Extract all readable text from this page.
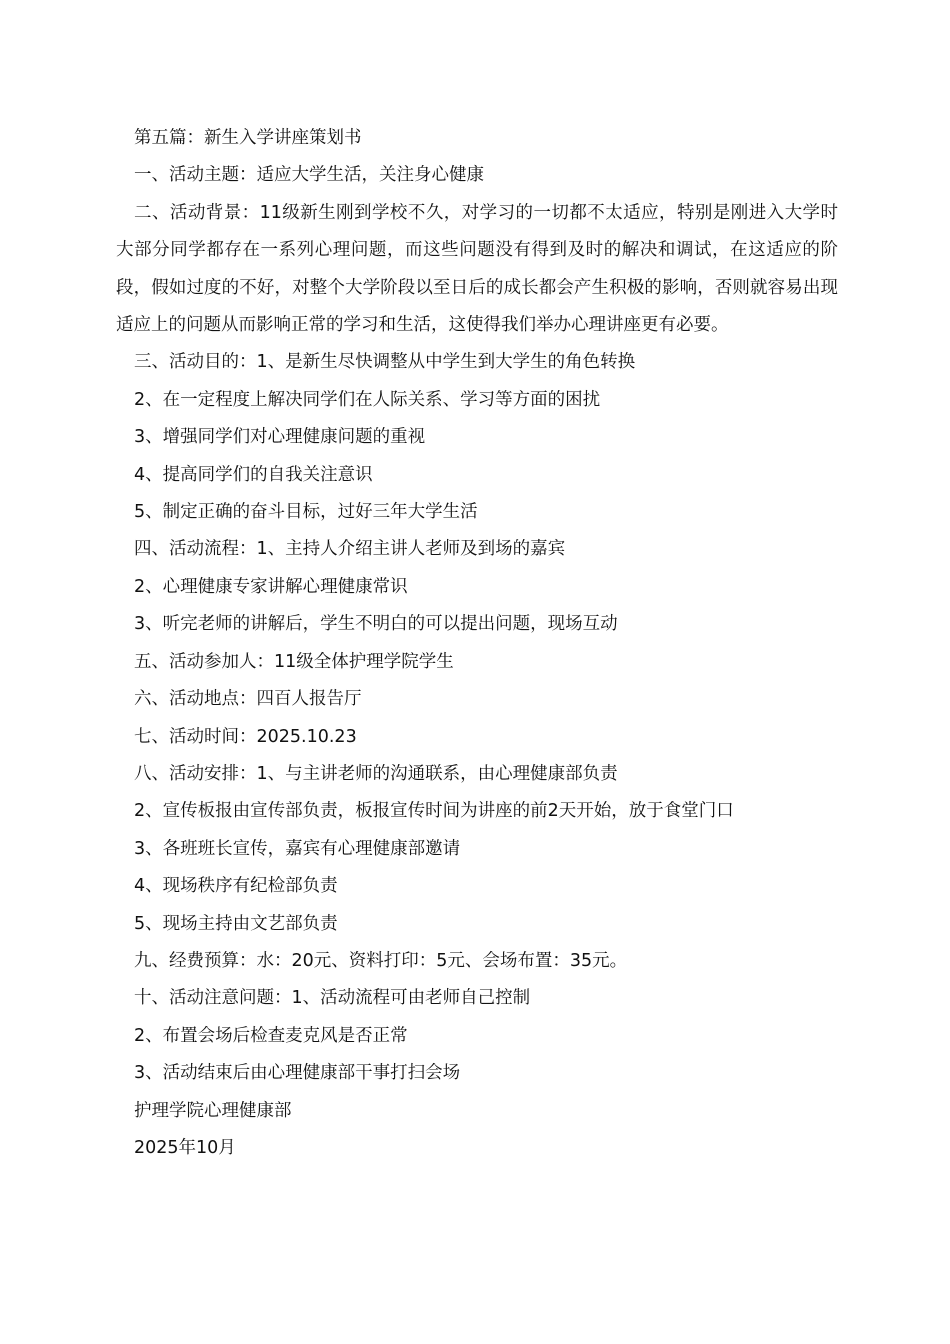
第五篇：新生入学讲座策划书
一、活动主题：适应大学生活，关注身心健康
二、活动背景：11级新生刚到学校不久，对学习的一切都不太适应，特别是刚进入大学时大部分同学都存在一系列心理问题，而这些问题没有得到及时的解决和调试，在这适应的阶段，假如过度的不好，对整个大学阶段以至日后的成长都会产生积极的影响，否则就容易出现适应上的问题从而影响正常的学习和生活，这使得我们举办心理讲座更有必要。
三、活动目的：1、是新生尽快调整从中学生到大学生的角色转换
2、在一定程度上解决同学们在人际关系、学习等方面的困扰
3、增强同学们对心理健康问题的重视
4、提高同学们的自我关注意识
5、制定正确的奋斗目标，过好三年大学生活
四、活动流程：1、主持人介绍主讲人老师及到场的嘉宾
2、心理健康专家讲解心理健康常识
3、听完老师的讲解后，学生不明白的可以提出问题，现场互动
五、活动参加人：11级全体护理学院学生
六、活动地点：四百人报告厅
七、活动时间：2025.10.23
八、活动安排：1、与主讲老师的沟通联系，由心理健康部负责
2、宣传板报由宣传部负责，板报宣传时间为讲座的前2天开始，放于食堂门口
3、各班班长宣传，嘉宾有心理健康部邀请
4、现场秩序有纪检部负责
5、现场主持由文艺部负责
九、经费预算：水：20元、资料打印：5元、会场布置：35元。
十、活动注意问题：1、活动流程可由老师自己控制
2、布置会场后检查麦克风是否正常
3、活动结束后由心理健康部干事打扫会场
护理学院心理健康部
2025年10月
